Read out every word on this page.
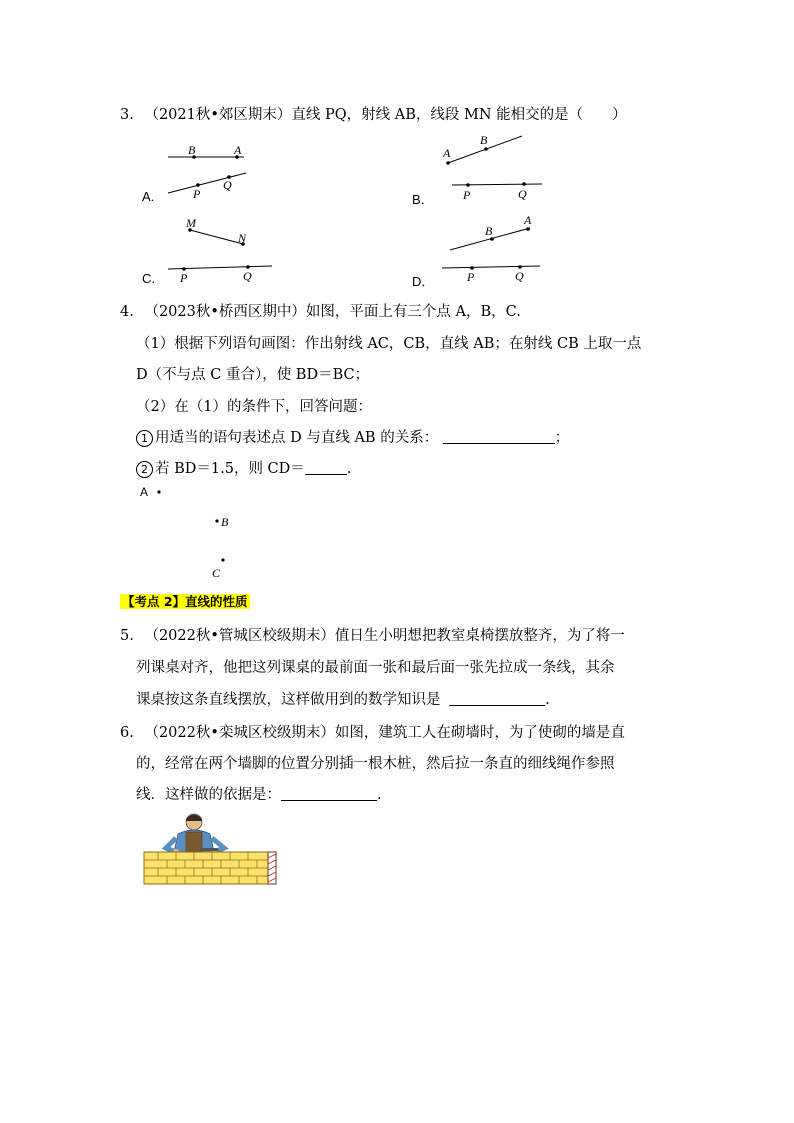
3. （2021秋•郊区期末）直线 PQ，射线 AB，线段 MN 能相交的是（　　）
A.	B．
C.	D．
B	A
P
Q
A
B
P	Q
M
N
P	Q
B
A
P	Q
4. （2023秋•桥西区期中）如图，平面上有三个点 A，B，C.
（1）根据下列语句画图：作出射线 AC，CB，直线 AB；在射线 CB 上取一点
D（不与点 C 重合），使 BD＝BC；
（2）在（1）的条件下，回答问题：
1 用适当的语句表述点 D 与直线 AB 的关系：	；
2 若 BD＝1.5，则 CD＝	.
A
B
C
【考点 2】直线的性质
5. （2022秋•管城区校级期末）值日生小明想把教室桌椅摆放整齐，为了将一
列课桌对齐，他把这列课桌的最前面一张和最后面一张先拉成一条线，其余
课桌按这条直线摆放，这样做用到的数学知识是	.
6. （2022秋•栾城区校级期末）如图，建筑工人在砌墙时，为了使砌的墙是直
的，经常在两个墙脚的位置分别插一根木桩，然后拉一条直的细线绳作参照
线．这样做的依据是：	.
